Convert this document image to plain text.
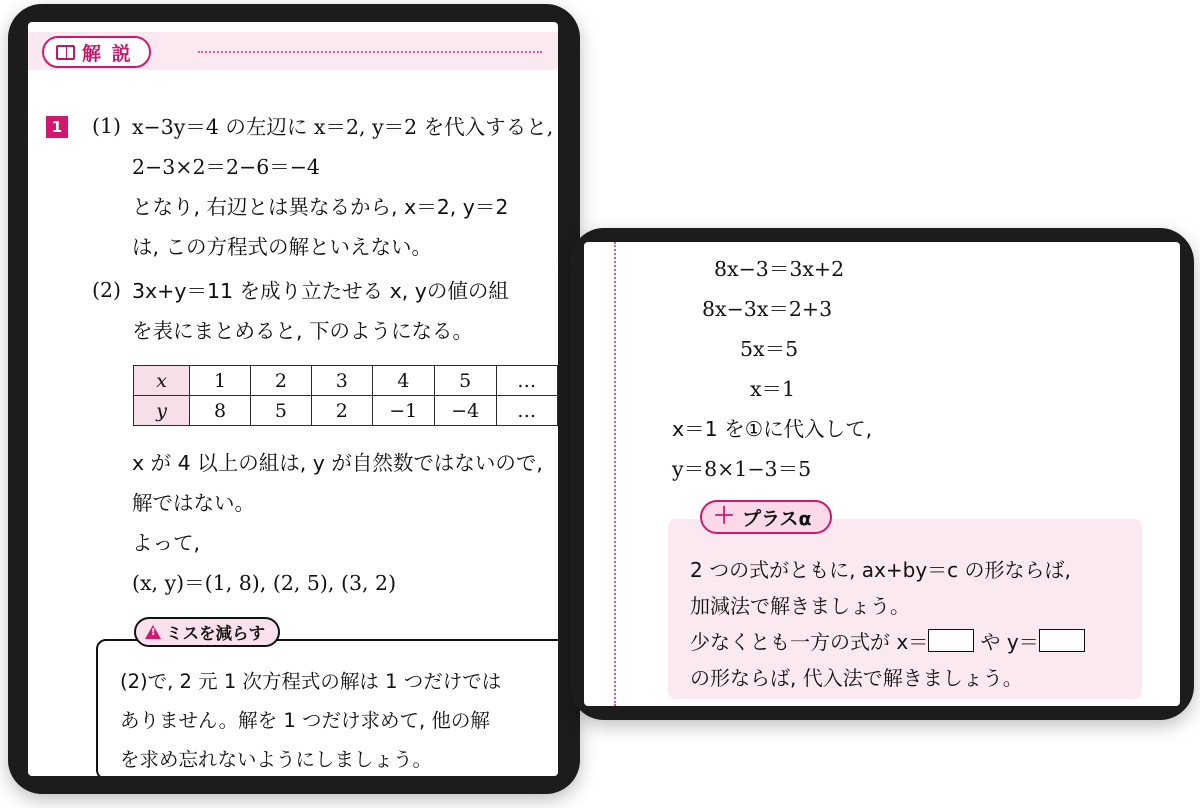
解 説
1 (1) x−3y＝4 の左辺に x＝2, y＝2 を代入すると,
2−3×2＝2−6＝−4
となり, 右辺とは異なるから, x＝2, y＝2
は, この方程式の解といえない。
(2) 3x+y＝11 を成り立たせる x, yの値の組
を表にまとめると, 下のようになる。
x	1	2	3	4	5	…
y	8	5	2	−1	−4	…
x が 4 以上の組は, y が自然数ではないので,
解ではない。
よって,
(x, y)＝(1, 8), (2, 5), (3, 2)
!
ミスを減らす
(2)で, 2 元 1 次方程式の解は 1 つだけでは
ありません。解を 1 つだけ求めて, 他の解
を求め忘れないようにしましょう。
8x−3＝3x+2
8x−3x＝2+3
5x＝5
x＝1
x＝1 を①に代入して,
y＝8×1−3＝5
2 つの式がともに, ax+by＝c の形ならば,
加減法で解きましょう。
少なくとも一方の式が x＝ や y＝
の形ならば, 代入法で解きましょう。
＋ プラスα
